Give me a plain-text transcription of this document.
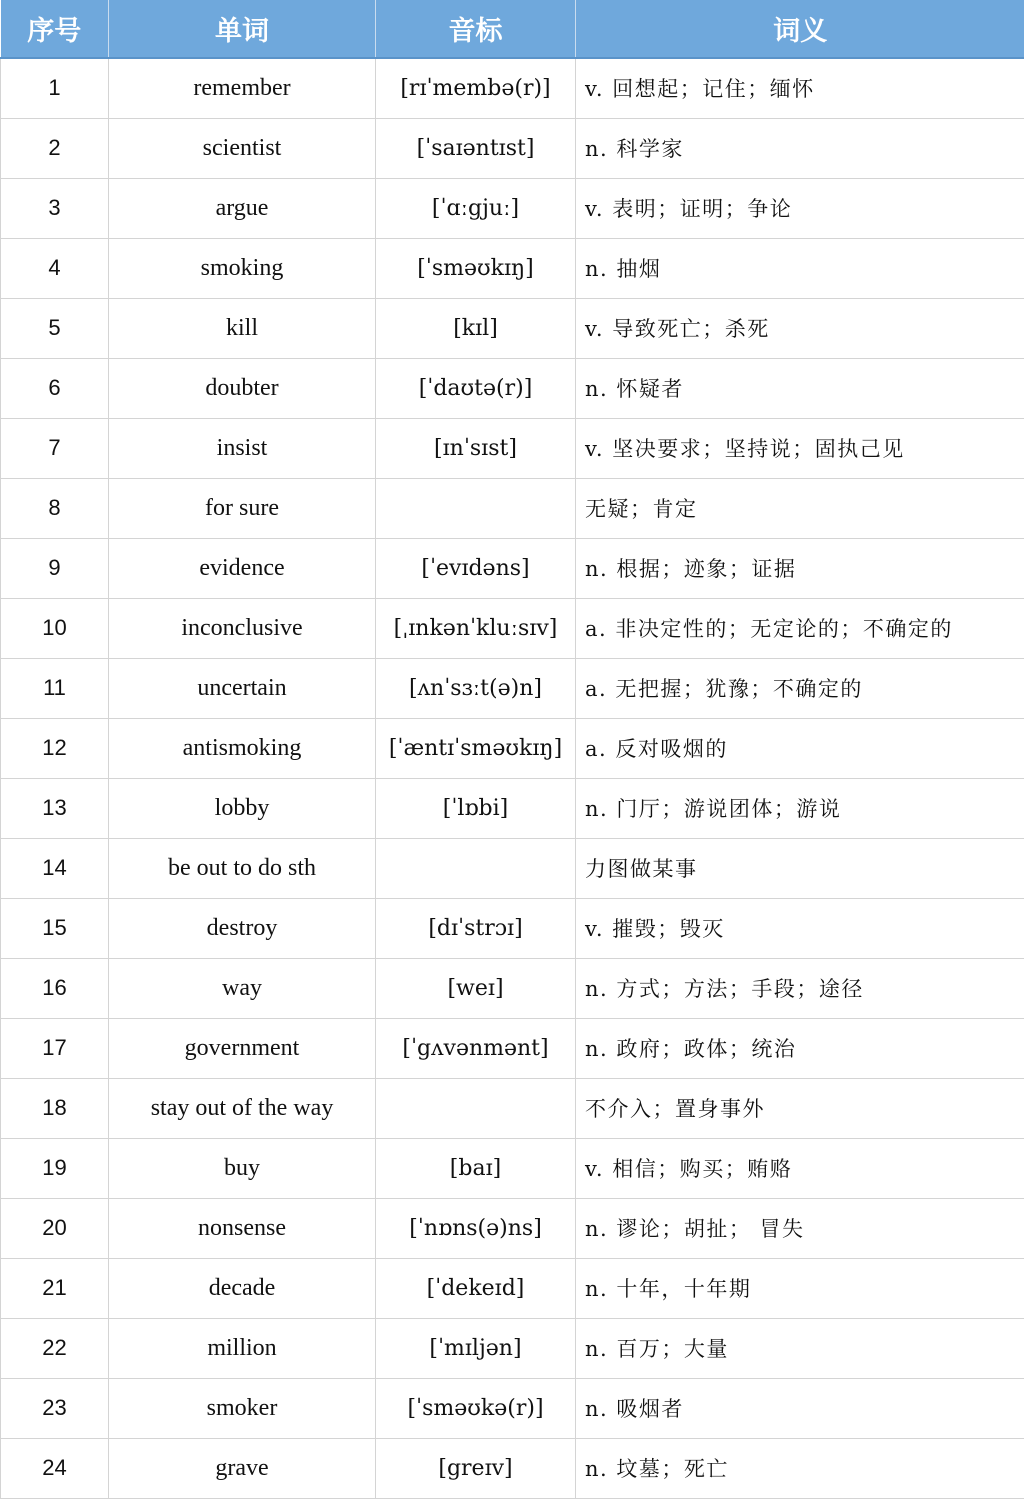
序号	单词	音标	词义
1	remember	[rɪˈmembə(r)]	v. 回想起；记住；缅怀
2	scientist	[ˈsaɪəntɪst]	n. 科学家
3	argue	[ˈɑːgjuː]	v. 表明；证明；争论
4	smoking	[ˈsməʊkɪŋ]	n. 抽烟
5	kill	[kɪl]	v. 导致死亡；杀死
6	doubter	[ˈdaʊtə(r)]	n. 怀疑者
7	insist	[ɪnˈsɪst]	v. 坚决要求；坚持说；固执己见
8	for sure		无疑；肯定
9	evidence	[ˈevɪdəns]	n. 根据；迹象；证据
10	inconclusive	[ˌɪnkənˈkluːsɪv]	a. 非决定性的；无定论的；不确定的
11	uncertain	[ʌnˈsɜːt(ə)n]	a. 无把握；犹豫；不确定的
12	antismoking	[ˈæntɪˈsməʊkɪŋ]	a. 反对吸烟的
13	lobby	[ˈlɒbi]	n. 门厅；游说团体；游说
14	be out to do sth		力图做某事
15	destroy	[dɪˈstrɔɪ]	v. 摧毁；毁灭
16	way	[weɪ]	n. 方式；方法；手段；途径
17	government	[ˈgʌvənmənt]	n. 政府；政体；统治
18	stay out of the way		不介入；置身事外
19	buy	[baɪ]	v. 相信；购买；贿赂
20	nonsense	[ˈnɒns(ə)ns]	n. 谬论；胡扯； 冒失
21	decade	[ˈdekeɪd]	n. 十年，十年期
22	million	[ˈmɪljən]	n. 百万；大量
23	smoker	[ˈsməʊkə(r)]	n. 吸烟者
24	grave	[greɪv]	n. 坟墓；死亡
